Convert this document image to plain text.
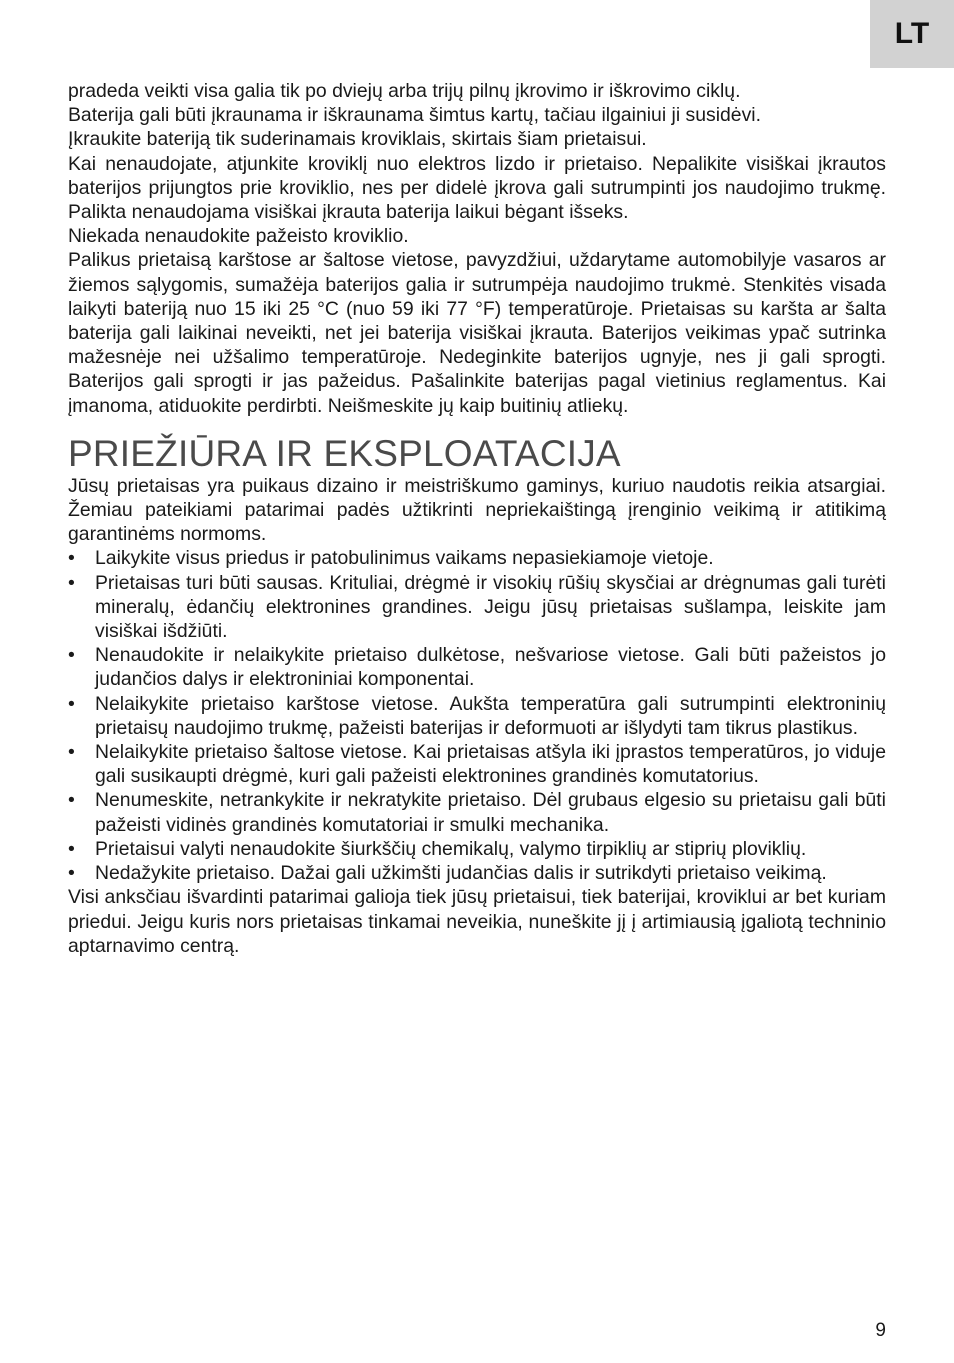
LT

pradeda veikti visa galia tik po dviejų arba trijų pilnų įkrovimo ir iškrovimo ciklų.

Baterija gali būti įkraunama ir iškraunama šimtus kartų, tačiau ilgainiui ji susidėvi.

Įkraukite bateriją tik suderinamais kroviklais, skirtais šiam prietaisui.

Kai nenaudojate, atjunkite kroviklį nuo elektros lizdo ir prietaiso. Nepalikite visiškai įkrautos baterijos prijungtos prie kroviklio, nes per didelė įkrova gali sutrumpinti jos naudojimo trukmę. Palikta nenaudojama visiškai įkrauta baterija laikui bėgant išseks.

Niekada nenaudokite pažeisto kroviklio.

Palikus prietaisą karštose ar šaltose vietose, pavyzdžiui, uždarytame automobilyje vasaros ar žiemos sąlygomis, sumažėja baterijos galia ir sutrumpėja naudojimo trukmė. Stenkitės visada laikyti bateriją nuo 15 iki 25 °C (nuo 59 iki 77 °F) temperatūroje. Prietaisas su karšta ar šalta baterija gali laikinai neveikti, net jei baterija visiškai įkrauta. Baterijos veikimas ypač sutrinka mažesnėje nei užšalimo temperatūroje. Nedeginkite baterijos ugnyje, nes ji gali sprogti. Baterijos gali sprogti ir jas pažeidus. Pašalinkite baterijas pagal vietinius reglamentus. Kai įmanoma, atiduokite perdirbti. Neišmeskite jų kaip buitinių atliekų.

PRIEŽIŪRA IR EKSPLOATACIJA

Jūsų prietaisas yra puikaus dizaino ir meistriškumo gaminys, kuriuo naudotis reikia atsargiai. Žemiau pateikiami patarimai padės užtikrinti nepriekaištingą įrenginio veikimą ir atitikimą garantinėms normoms.

• Laikykite visus priedus ir patobulinimus vaikams nepasiekiamoje vietoje.
• Prietaisas turi būti sausas. Krituliai, drėgmė ir visokių rūšių skysčiai ar drėgnumas gali turėti mineralų, ėdančių elektronines grandines. Jeigu jūsų prietaisas sušlampa, leiskite jam visiškai išdžiūti.
• Nenaudokite ir nelaikykite prietaiso dulkėtose, nešvariose vietose. Gali būti pažeistos jo judančios dalys ir elektroniniai komponentai.
• Nelaikykite prietaiso karštose vietose. Aukšta temperatūra gali sutrumpinti elektroninių prietaisų naudojimo trukmę, pažeisti baterijas ir deformuoti ar išlydyti tam tikrus plastikus.
• Nelaikykite prietaiso šaltose vietose. Kai prietaisas atšyla iki įprastos temperatūros, jo viduje gali susikaupti drėgmė, kuri gali pažeisti elektronines grandinės komutatorius.
• Nenumeskite, netrankykite ir nekratykite prietaiso. Dėl grubaus elgesio su prietaisu gali būti pažeisti vidinės grandinės komutatoriai ir smulki mechanika.
• Prietaisui valyti nenaudokite šiurkščių chemikalų, valymo tirpiklių ar stiprių ploviklių.
• Nedažykite prietaiso. Dažai gali užkimšti judančias dalis ir sutrikdyti prietaiso veikimą.

Visi anksčiau išvardinti patarimai galioja tiek jūsų prietaisui, tiek baterijai, kroviklui ar bet kuriam priedui. Jeigu kuris nors prietaisas tinkamai neveikia, nuneškite jį į artimiausią įgaliotą techninio aptarnavimo centrą.

9
